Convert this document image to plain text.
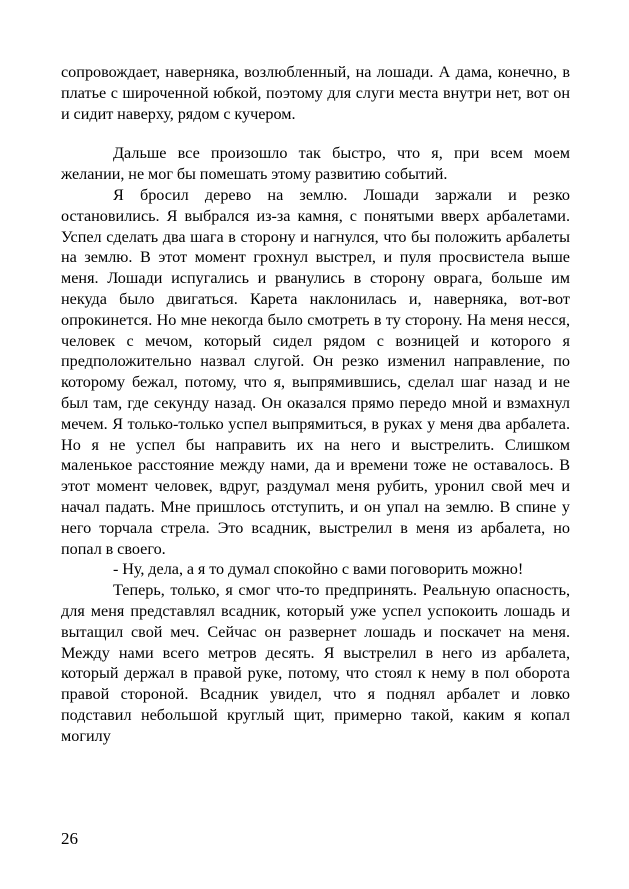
сопровождает, наверняка, возлюбленный, на лошади. А дама, конечно, в платье с широченной юбкой, поэтому для слуги места внутри нет, вот он и сидит наверху, рядом с кучером.

Дальше все произошло так быстро, что я, при всем моем желании, не мог бы помешать этому развитию событий.

Я бросил дерево на землю. Лошади заржали и резко остановились. Я выбрался из-за камня, с понятыми вверх арбалетами. Успел сделать два шага в сторону и нагнулся, что бы положить арбалеты на землю. В этот момент грохнул выстрел, и пуля просвистела выше меня. Лошади испугались и рванулись в сторону оврага, больше им некуда было двигаться. Карета наклонилась и, наверняка, вот-вот опрокинется. Но мне некогда было смотреть в ту сторону. На меня несся, человек с мечом, который сидел рядом с возницей и которого я предположительно назвал слугой. Он резко изменил направление, по которому бежал, потому, что я, выпрямившись, сделал шаг назад и не был там, где секунду назад. Он оказался прямо передо мной и взмахнул мечем. Я только-только успел выпрямиться, в руках у меня два арбалета. Но я не успел бы направить их на него и выстрелить. Слишком маленькое расстояние между нами, да и времени тоже не оставалось. В этот момент человек, вдруг, раздумал меня рубить, уронил свой меч и начал падать. Мне пришлось отступить, и он упал на землю. В спине у него торчала стрела. Это всадник, выстрелил в меня из арбалета, но попал в своего.

- Ну, дела, а я то думал спокойно с вами поговорить можно!

Теперь, только, я смог что-то предпринять. Реальную опасность, для меня представлял всадник, который уже успел успокоить лошадь и вытащил свой меч. Сейчас он развернет лошадь и поскачет на меня. Между нами всего метров десять. Я выстрелил в него из арбалета, который держал в правой руке, потому, что стоял к нему в пол оборота правой стороной. Всадник увидел, что я поднял арбалет и ловко подставил небольшой круглый щит, примерно такой, каким я копал могилу

26
